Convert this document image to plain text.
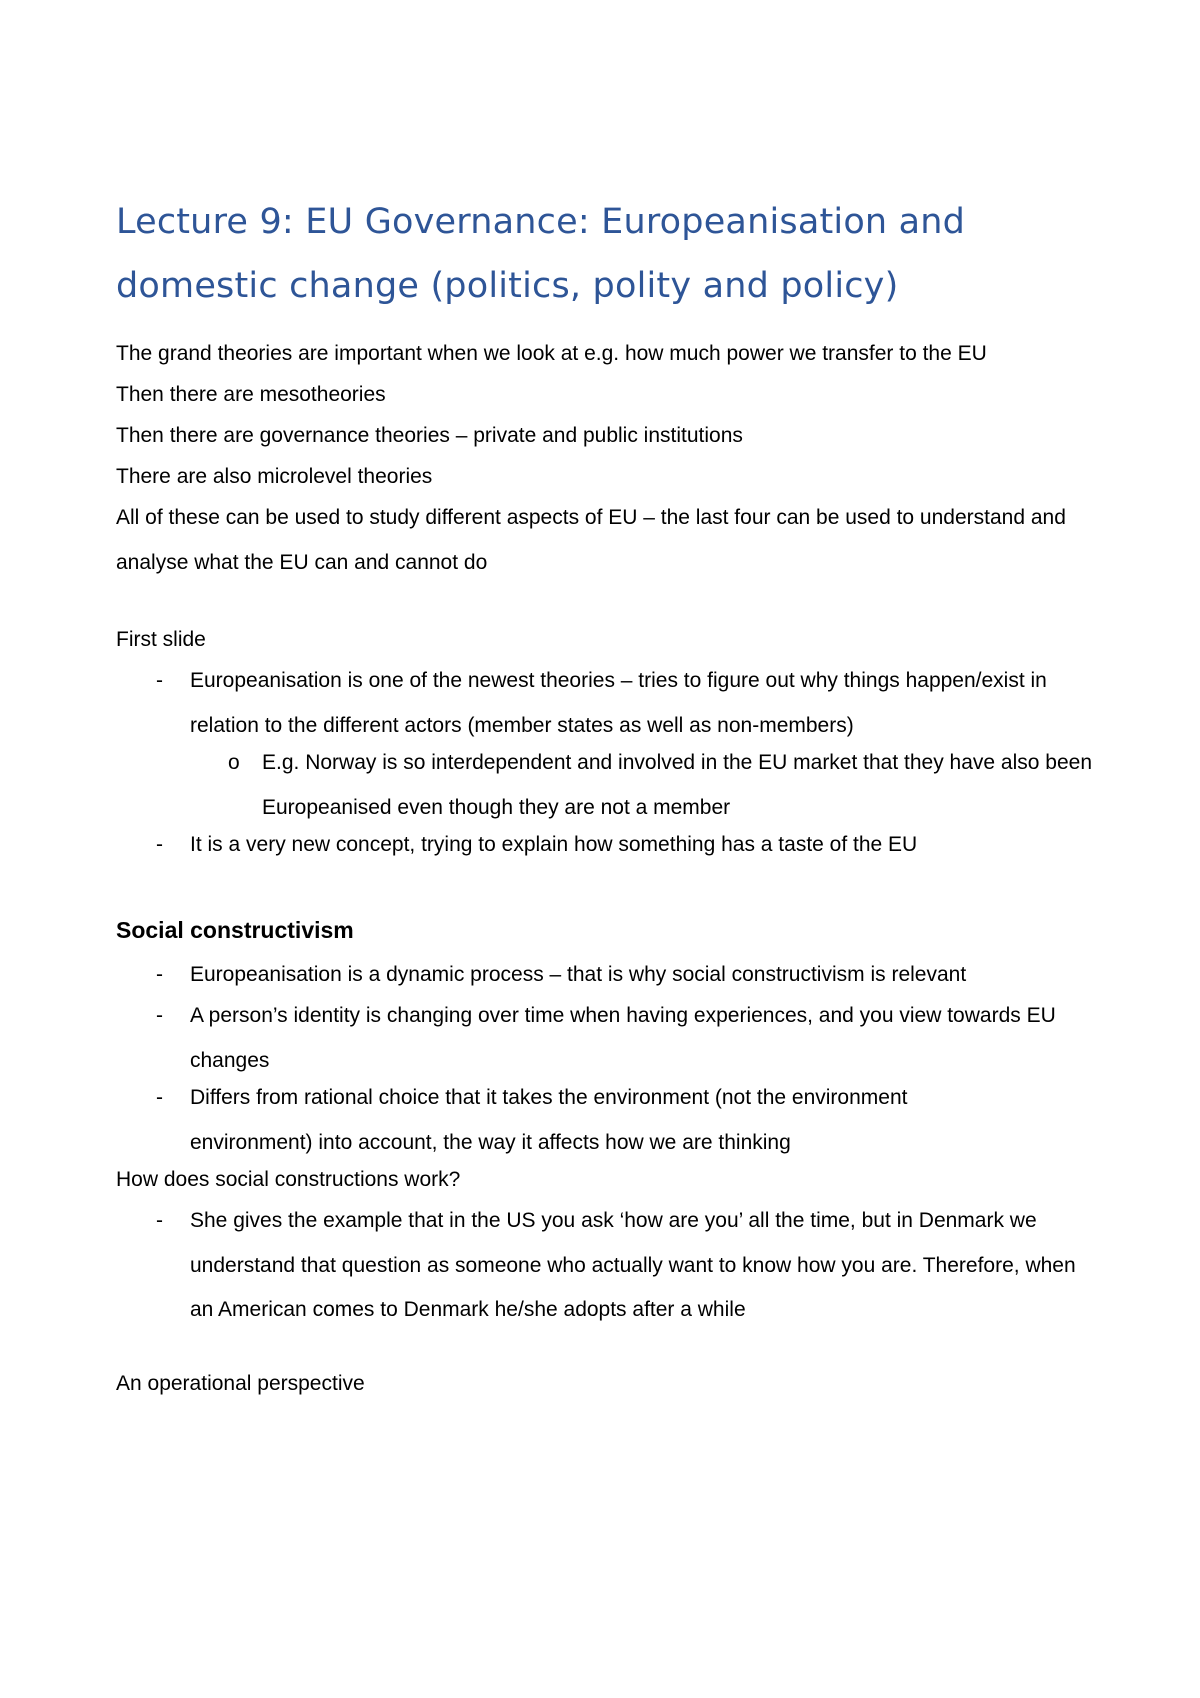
Lecture 9: EU Governance: Europeanisation and domestic change (politics, polity and policy)
The grand theories are important when we look at e.g. how much power we transfer to the EU
Then there are mesotheories
Then there are governance theories – private and public institutions
There are also microlevel theories
All of these can be used to study different aspects of EU – the last four can be used to understand and analyse what the EU can and cannot do
First slide
- Europeanisation is one of the newest theories – tries to figure out why things happen/exist in relation to the different actors (member states as well as non-members)
o E.g. Norway is so interdependent and involved in the EU market that they have also been Europeanised even though they are not a member
- It is a very new concept, trying to explain how something has a taste of the EU
Social constructivism
- Europeanisation is a dynamic process – that is why social constructivism is relevant
- A person’s identity is changing over time when having experiences, and you view towards EU changes
- Differs from rational choice that it takes the environment (not the environment environment) into account, the way it affects how we are thinking
How does social constructions work?
- She gives the example that in the US you ask ‘how are you’ all the time, but in Denmark we understand that question as someone who actually want to know how you are. Therefore, when an American comes to Denmark he/she adopts after a while
An operational perspective
